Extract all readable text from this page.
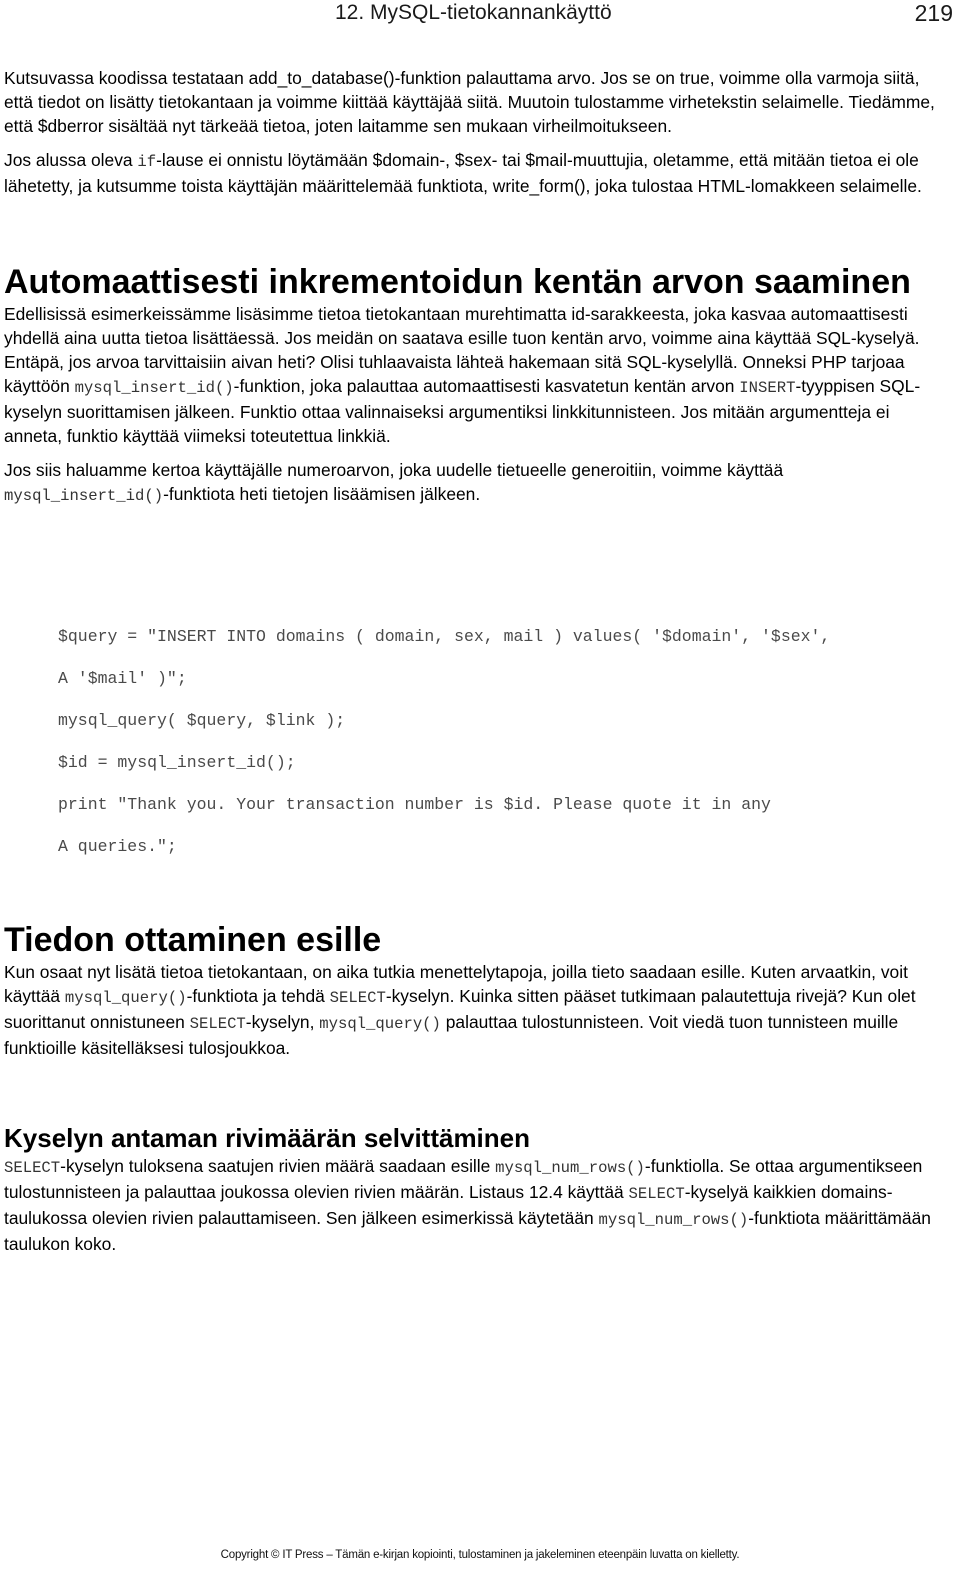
12. MySQL-tietokannankäyttö	219

Kutsuvassa koodissa testataan add_to_database()-funktion palauttama arvo. Jos se on true, voimme olla varmoja siitä, että tiedot on lisätty tietokantaan ja voimme kiittää käyttäjää siitä. Muutoin tulostamme virhetekstin selaimelle. Tiedämme, että $dberror sisältää nyt tärkeää tietoa, joten laitamme sen mukaan virheilmoitukseen.

Jos alussa oleva if-lause ei onnistu löytämään $domain-, $sex- tai $mail-muuttujia, oletamme, että mitään tietoa ei ole lähetetty, ja kutsumme toista käyttäjän määrittelemää funktiota, write_form(), joka tulostaa HTML-lomakkeen selaimelle.

Automaattisesti inkrementoidun kentän arvon saaminen

Edellisissä esimerkeissämme lisäsimme tietoa tietokantaan murehtimatta id-sarakkeesta, joka kasvaa automaattisesti yhdellä aina uutta tietoa lisättäessä. Jos meidän on saatava esille tuon kentän arvo, voimme aina käyttää SQL-kyselyä. Entäpä, jos arvoa tarvittaisiin aivan heti? Olisi tuhlaavaista lähteä hakemaan sitä SQL-kyselyllä. Onneksi PHP tarjoaa käyttöön mysql_insert_id()-funktion, joka palauttaa automaattisesti kasvatetun kentän arvon INSERT-tyyppisen SQL-kyselyn suorittamisen jälkeen. Funktio ottaa valinnaiseksi argumentiksi linkkitunnisteen. Jos mitään argumentteja ei anneta, funktio käyttää viimeksi toteutettua linkkiä.

Jos siis haluamme kertoa käyttäjälle numeroarvon, joka uudelle tietueelle generoitiin, voimme käyttää mysql_insert_id()-funktiota heti tietojen lisäämisen jälkeen.

$query = "INSERT INTO domains ( domain, sex, mail ) values( '$domain', '$sex',
A '$mail' )";
mysql_query( $query, $link );
$id = mysql_insert_id();
print "Thank you. Your transaction number is $id. Please quote it in any
A queries.";
Tiedon ottaminen esille

Kun osaat nyt lisätä tietoa tietokantaan, on aika tutkia menettelytapoja, joilla tieto saadaan esille. Kuten arvaatkin, voit käyttää mysql_query()-funktiota ja tehdä SELECT-kyselyn. Kuinka sitten pääset tutkimaan palautettuja rivejä? Kun olet suorittanut onnistuneen SELECT-kyselyn, mysql_query() palauttaa tulostunnisteen. Voit viedä tuon tunnisteen muille funktioille käsitelläksesi tulosjoukkoa.

Kyselyn antaman rivimäärän selvittäminen

SELECT-kyselyn tuloksena saatujen rivien määrä saadaan esille mysql_num_rows()-funktiolla. Se ottaa argumentikseen tulostunnisteen ja palauttaa joukossa olevien rivien määrän. Listaus 12.4 käyttää SELECT-kyselyä kaikkien domains-taulukossa olevien rivien palauttamiseen. Sen jälkeen esimerkissä käytetään mysql_num_rows()-funktiota määrittämään taulukon koko.

Copyright © IT Press – Tämän e-kirjan kopiointi, tulostaminen ja jakeleminen eteenpäin luvatta on kielletty.
